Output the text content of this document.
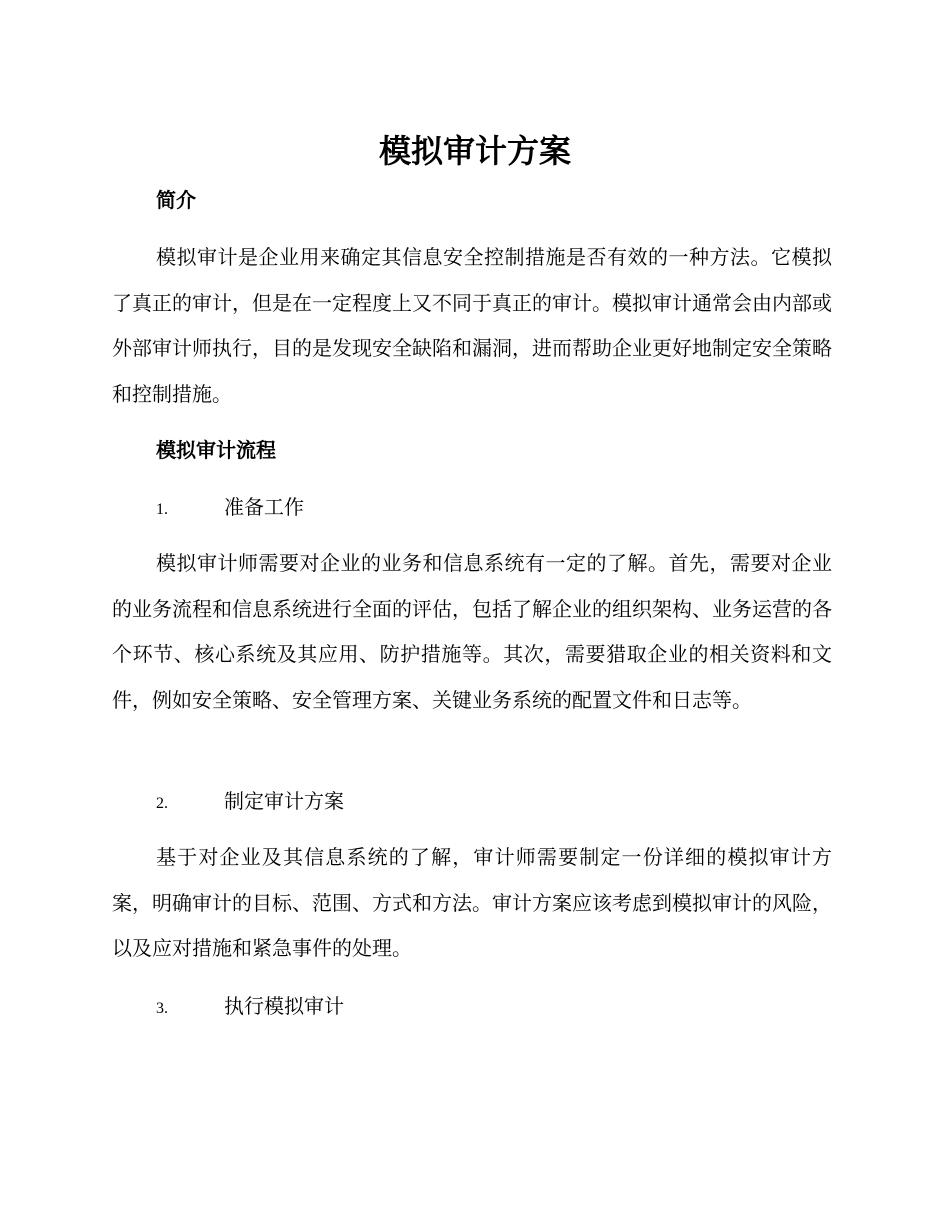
模拟审计方案
简介

模拟审计是企业用来确定其信息安全控制措施是否有效的一种方法。它模拟了真正的审计，但是在一定程度上又不同于真正的审计。模拟审计通常会由内部或外部审计师执行，目的是发现安全缺陷和漏洞，进而帮助企业更好地制定安全策略和控制措施。

模拟审计流程
1.	准备工作

模拟审计师需要对企业的业务和信息系统有一定的了解。首先，需要对企业的业务流程和信息系统进行全面的评估，包括了解企业的组织架构、业务运营的各个环节、核心系统及其应用、防护措施等。其次，需要猎取企业的相关资料和文件，例如安全策略、安全管理方案、关键业务系统的配置文件和日志等。

2.	制定审计方案

基于对企业及其信息系统的了解，审计师需要制定一份详细的模拟审计方案，明确审计的目标、范围、方式和方法。审计方案应该考虑到模拟审计的风险，以及应对措施和紧急事件的处理。

3.	执行模拟审计
